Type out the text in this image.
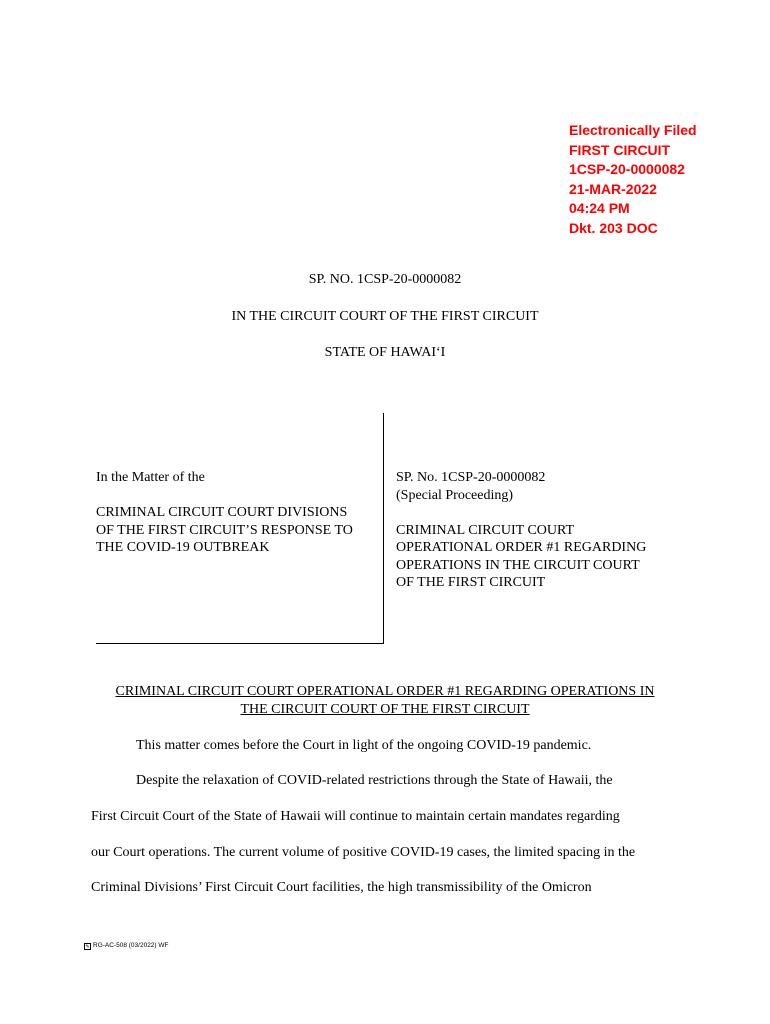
Electronically Filed
FIRST CIRCUIT
1CSP-20-0000082
21-MAR-2022
04:24 PM
Dkt. 203 DOC
SP. NO. 1CSP-20-0000082
IN THE CIRCUIT COURT OF THE FIRST CIRCUIT
STATE OF HAWAIʻI
In the Matter of the
CRIMINAL CIRCUIT COURT DIVISIONS
OF THE FIRST CIRCUIT’S RESPONSE TO
THE COVID-19 OUTBREAK
SP. No. 1CSP-20-0000082
(Special Proceeding)
CRIMINAL CIRCUIT COURT
OPERATIONAL ORDER #1 REGARDING
OPERATIONS IN THE CIRCUIT COURT
OF THE FIRST CIRCUIT
CRIMINAL CIRCUIT COURT OPERATIONAL ORDER #1 REGARDING OPERATIONS IN
THE CIRCUIT COURT OF THE FIRST CIRCUIT
This matter comes before the Court in light of the ongoing COVID-19 pandemic.
Despite the relaxation of COVID-related restrictions through the State of Hawaii, the
First Circuit Court of the State of Hawaii will continue to maintain certain mandates regarding
our Court operations. The current volume of positive COVID-19 cases, the limited spacing in the
Criminal Divisions’ First Circuit Court facilities, the high transmissibility of the Omicron
✎ RG-AC-508 (03/2022) WF
